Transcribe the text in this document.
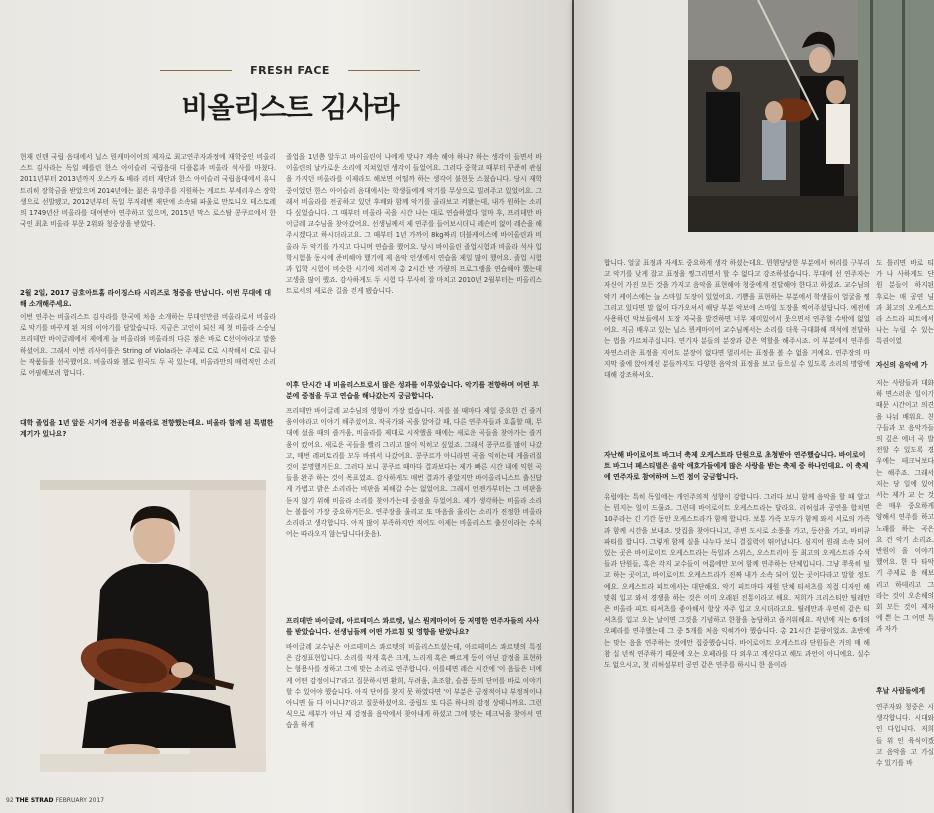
FRESH FACE
비올리스트 김사라
현재 린덴 국립 음대에서 닐스 뭔케마이어의 제자로 최고연주자과정에 재학중인 비올리스트 김사라는 독일 베를린 한스 아이슬러 국립음대 디플롬과 비올라 석사를 마쳤다. 2011년부터 2013년까지 오스카 & 베라 리터 재단과 한스 아이슬러 국립음대에서 유니트리히 장학금을 받았으며 2014년에는 젊은 유망주를 지원하는 게르트 부세리우스 장학생으로 선발됐고, 2012년부터 독일 무직레벤 재단에 소속돼 파울로 만토니오 테스토레의 1749년산 비올라를 대여받아 연주하고 있으며, 2015년 막스 로스탈 콩쿠르에서 한국인 최초 비올라 부문 2위와 청중상을 받았다.
2월 2일, 2017 금호아트홀 라이징스타 시리즈로 청중을 만납니다. 이번 무대에 대해 소개해주세요.
이번 연주는 비올리스트 김사라를 한국에 처음 소개하는 무대인만큼 비올라로서 비올라로 악기를 바꾸게 된 저의 이야기를 담았습니다. 지금은 고인이 되신 제 첫 비올라 스승님 프리데만 바이글레에서 제에게 늘 비올라와 비올라의 다른 점은 바로 C선이야라고 말씀하셨어요. 그래서 이번 리사이틀은 String of Viola라는 주제로 C로 시작해서 C로 끝나는 작품들을 선곡했어요. 비올라와 첼로 원곡도 두 곡 있는데, 비올라만의 매력적인 소리로 어필해보려 합니다.
대학 졸업을 1년 앞둔 시기에 전공을 비올라로 전향했는데요. 비올라 함께 된 특별한 계기가 있나요?
졸업을 1년쯤 앞두고 바이올린이 나에게 맞나? 계속 해야 하나? 하는 생각이 들면서 바이올린의 날카로운 소리에 지쳐있던 생각이 들었어요. 그러다 중학교 때부터 꾸준히 관심을 가지던 비올라를 이제라도 해보면 어떨까 하는 생각이 불현듯 스쳤습니다. 당시 재학중이었던 한스 아이슬러 음대에서는 학생들에게 악기를 무상으로 빌려주고 있었어요. 그래서 비올라를 전공하고 있던 후배와 함께 악기를 골라보고 켜봤는데, 내가 원하는 소리다 싶었습니다. 그 때부터 비올라 곡을 시간 나는 대로 연습하였다 얼마 후, 프리데만 바이글레 교수님을 찾아갔어요. 선생님께서 제 연주를 들어보시더니 레슨비 없이 레슨을 해주시겠다고 하시더라고요. 그 때부터 1년 가까이 8kg짜리 더블케이스에 바이올린과 비올라 두 악기를 가지고 다니며 연습을 했어요. 당시 바이올린 졸업시험과 비올라 석사 입학시험을 동시에 준비해야 했기에 제 음악 인생에서 연습을 제일 많이 했어요. 졸업 시험과 입학 시험이 비슷한 시기에 치러져 총 2시간 반 가량의 프로그램을 연습해야 했는데 고생을 많이 했죠. 감사하게도 두 시험 다 무사히 잘 마치고 2010년 2월부터는 비올리스트로서의 새로운 길을 걷게 됐습니다.
이후 단시간 내 비올리스트로서 많은 성과를 이루었습니다. 악기를 전향하며 어떤 부분에 중점을 두고 연습을 해나갔는지 궁금합니다.
프리데만 바이글레 교수님의 영향이 가장 컸습니다. 저를 볼 때마다 제일 중요한 건 즐거움이야라고 이야기 해주셨어요. 작곡가와 곡을 알아갈 때, 다른 연주자들과 호흡할 때, 무대에 섰을 때의 즐거움, 비올라를 제대로 시작했을 때에는 새로운 곡들을 찾아가는 즐거움이 컸어요. 새로운 곡들을 빨리 그리고 많이 익히고 싶었죠. 그래서 콩쿠르를 많이 나갔고, 매번 레퍼토리를 모두 바꿔서 나갔어요. 콩쿠르가 아니라면 곡을 익히는데 게을러질 것이 분명했거든요. 그러다 보니 콩쿠르 때마다 결과보다는 제가 빠른 시간 내에 익힌 곡들을 완주 하는 것이 목표였죠. 감사하게도 매번 결과가 좋았지만 바이올리니스트 출신답게 가볍고 밝은 소리라는 비판을 피해갈 수는 없었어요. 그래서 언젠가부터는 그 비판을 듣지 않기 위해 비올라 소리를 찾아가는데 중점을 두었어요. 제가 생각하는 비올라 소리는 볼륨이 가장 중요하거든요. 연주장을 울리고 또 마음을 울리는 소리가 진정한 비올라 소리라고 생각합니다. 아직 많이 부족하지만 적어도 이제는 비올리스트 출신이라는 수식어는 따라오지 않는답니다(웃음).
프리데만 바이글레, 아르테미스 콰르텟, 닐스 뭔케마이어 등 저명한 연주자들의 사사를 받았습니다. 선생님들께 어떤 가르침 및 영향을 받았나요?
바이글레 교수님은 아르테미스 콰르텟의 비올리스트셨는데, 아르테미스 콰르텟의 특징은 감정표현입니다. 소리를 작게 혹은 크게, 느리게 혹은 빠르게 등이 아닌 감정을 표현하는 형용사를 정하고 그에 맞는 소리로 연주합니다. 이를테면 레슨 시간에 '이 음들은 너에게 어떤 감정이니?'라고 질문하시면 환희, 두려움, 초조함, 슬픔 등의 단어를 바로 이야기할 수 있어야 했습니다. 아직 단어를 찾지 못 하였다면 '이 부분은 긍정적이냐 부정적이냐 아니면 둘 다 아니냐?'라고 질문하셨어요. 중립도 또 다른 하나의 감정 상태니까요. 그런 식으로 세부가 아닌 제 감정을 음악에서 찾아내게 하셨고 그에 맞는 테크닉을 찾아서 연습을 하게
92 THE STRAD FEBRUARY 2017
합니다. 얼굴 표정과 자세도 중요하게 생각 하셨는데요. 뮌헨당당한 부분에서 허리를 구부리고 악기를 낮게 잡고 표정을 찡그리면서 할 수 없다고 강조하셨습니다. 무대에 선 연주자는 자신이 가진 모든 것을 가지고 음악을 표현해야 청중에게 전달해야 한다고 하셨죠. 교수님의 악기 케이스에는 늘 스마일 도장이 있었어요. 기쁨을 표현하는 부분에서 학생들이 얼굴을 찡그리고 있다면 말 없이 다가오셔서 해당 부분 악보에 스마일 도장을 찍어주셨답니다. 예전에 사용하던 악보들에서 도장 자국을 발견하면 너무 재미있어서 웃으면서 연주할 수밖에 없었어요. 지금 배우고 있는 닐스 뮌케마이어 교수님께서는 소리를 더욱 극대화해 객석에 전달하는 법을 가르쳐주십니다. 연기자 분들의 분장과 같은 역할을 해주시죠. 이 부분에서 연주를 자연스러운 표정을 지어도 분장이 없다면 멀리서는 표정을 볼 수 없을 거예요. 연주장의 마지막 줄에 앉아계신 분들까지도 다양한 음악의 표정을 보고 들으실 수 있도록 소리의 명암에 대해 강조하셔요.
자난해 바이로이트 바그너 축제 오케스트라 단원으로 초청받아 연주했습니다. 바이로이트 바그너 페스티벌은 음악 애호가들에게 많은 사랑을 받는 축제 중 하나인데요. 이 축제에 연주자로 참여하며 느낀 점이 궁금합니다.
유럽에는 특히 독일에는 개인주의적 성향이 강합니다. 그러다 보니 함께 음악을 할 때 알고는 뭔지는 일이 드물죠. 그런데 바이로이트 오케스트라는 달라요. 리허설과 공연을 합치면 10주라는 긴 기간 동안 오케스트라가 함께 합니다. 보통 가족 모두가 함께 와서 서로의 가족과 함께 시간을 보내죠. 맛집을 찾아다니고, 주변 도시로 소풍을 가고, 등산을 가고, 바비큐 파티를 합니다. 그렇게 함께 실을 나누다 보니 결집력이 뛰어납니다. 심지어 원래 소속 되어 있는 곳은 바이로이트 오케스트라는 독일과 스위스, 오스트리아 등 최고의 오케스트라 수석들과 단원들, 혹은 각지 교수들이 여름에만 모여 함께 연주하는 단체입니다. 그냥 쭈욱히 털고 하는 곳이고, 바이로이트 오케스트라가 진짜 내가 소속 되어 있는 곳이다라고 말할 정도예요. 오케스트라 피트에서는 대단해요. 악기 피트마다 재원 단체 티셔츠를 직접 디자인 해 맞춰 입고 와서 경쟁을 하는 것은 이미 오래된 전통이라고 해요. 저희가 크리스티안 틸레만은 비올라 피트 티셔츠를 좋아해서 항상 자주 입고 오시더라고요. 틸레만과 우연히 같은 티셔츠를 입고 오는 날이면 그것을 기념하고 한참을 농담하고 즐거워해요. 작년에 저는 6개의 오페라를 연주했는데 그 중 5개를 처음 익혀가야 했습니다. 총 21시간 분량이었죠. 초반에는 맞는 음을 연주하는 것에만 집중했습니다. 바이로이트 오케스트라 단원들은 거의 매 해 참 십 년씩 연주하기 때문에 오는 오페라를 다 외우고 계신다고 해도 과언이 아니에요. 실수도 없으시고, 첫 리허설부터 공연 같은 연주를 하시니 한 음이라
도 틀리면 바로 티가 나 사하게도 단원 분들이 하지된 후로는 매 공연 님과 최고의 오케스트라 스트라 피트에서 나는 누릴 수 있는 특권이였
자신의 음악에 가
저는 사람들과 대화하 면스러운 일이기 때문 시간이고 의견을 나눠 배워요. 친구들과 모 음악가들의 깊은 에너 곡 발전할 수 있도록 경우에는 테크닉보다는 해주죠. 그래서 저는 당 일에 있어서는 제가 교 는 것은 매우 중요하게 양해서 연주를 하고 노래를 하는 곡은 요 건 악기 소리죠. 반원이 을 이야기 했어요. 한 다 타악기 주제로 음 해보리고 하데리고 그 라는 것이 오손해의 회 모든 것이 제자에 쁜 는 그 어떤 특과 자가
후날 사람들에게
연주자와 청중은 시 생각합니다. 시대와 인 다입니다. 저희들 위 인 육식이겠고 음악을 고 가실 수 있기를 바
